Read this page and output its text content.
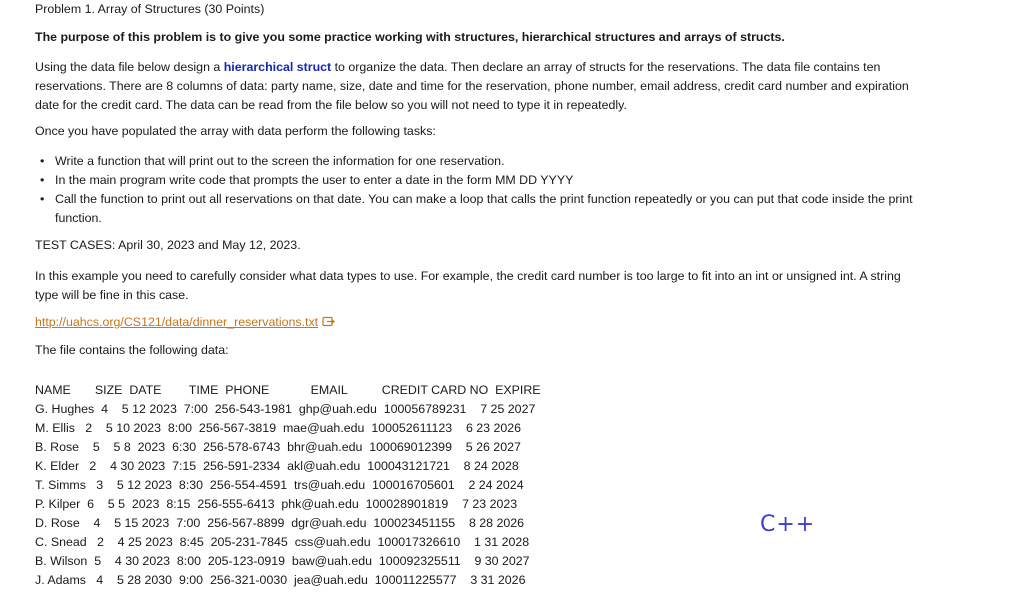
Problem 1. Array of Structures (30 Points)
The purpose of this problem is to give you some practice working with structures, hierarchical structures and arrays of structs.
Using the data file below design a hierarchical struct to organize the data. Then declare an array of structs for the reservations. The data file contains ten reservations. There are 8 columns of data: party name, size, date and time for the reservation, phone number, email address, credit card number and expiration date for the credit card. The data can be read from the file below so you will not need to type it in repeatedly.
Once you have populated the array with data perform the following tasks:
• Write a function that will print out to the screen the information for one reservation.
• In the main program write code that prompts the user to enter a date in the form MM DD YYYY
• Call the function to print out all reservations on that date. You can make a loop that calls the print function repeatedly or you can put that code inside the print function.
TEST CASES: April 30, 2023 and May 12, 2023.
In this example you need to carefully consider what data types to use. For example, the credit card number is too large to fit into an int or unsigned int. A string type will be fine in this case.
http://uahcs.org/CS121/data/dinner_reservations.txt
The file contains the following data:
NAME       SIZE  DATE        TIME  PHONE            EMAIL          CREDIT CARD NO  EXPIRE
G. Hughes  4    5 12 2023  7:00  256-543-1981  ghp@uah.edu  100056789231    7 25 2027
M. Ellis   2    5 10 2023  8:00  256-567-3819  mae@uah.edu  100052611123    6 23 2026
B. Rose    5    5 8  2023  6:30  256-578-6743  bhr@uah.edu  100069012399    5 26 2027
K. Elder   2    4 30 2023  7:15  256-591-2334  akl@uah.edu  100043121721    8 24 2028
T. Simms   3    5 12 2023  8:30  256-554-4591  trs@uah.edu  100016705601    2 24 2024
P. Kilper  6    5 5  2023  8:15  256-555-6413  phk@uah.edu  100028901819    7 23 2023
D. Rose    4    5 15 2023  7:00  256-567-8899  dgr@uah.edu  100023451155    8 28 2026
C. Snead   2    4 25 2023  8:45  205-231-7845  css@uah.edu  100017326610    1 31 2028
B. Wilson  5    4 30 2023  8:00  205-123-0919  baw@uah.edu  100092325511    9 30 2027
J. Adams   4    5 28 2030  9:00  256-321-0030  jea@uah.edu  100011225577    3 31 2026
C++
